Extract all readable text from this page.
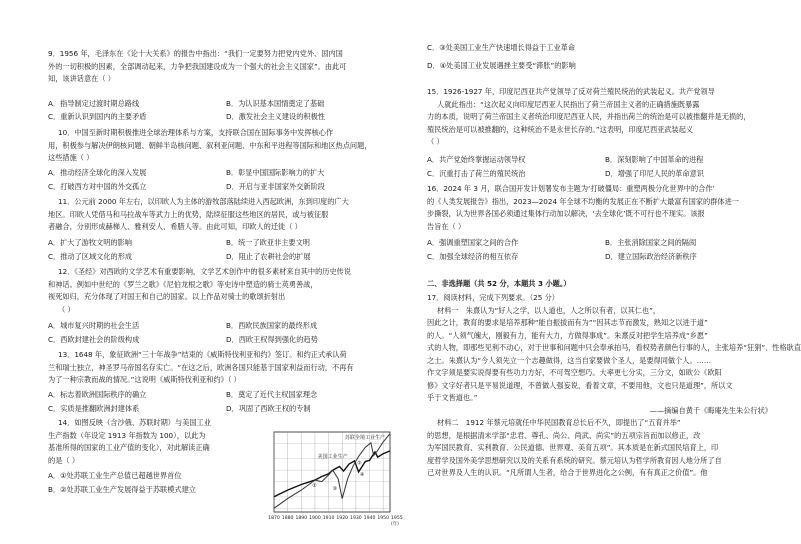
9．1956 年，毛泽东在《论十大关系》的报告中指出：“我们一定要努力把党内党外、国内国

外的一切积极的因素，全部调动起来，力争把我国建设成为一个强大的社会主义国家”。由此可

知，该讲话意在（ ）

A．指导制定过渡时期总路线	B．为认识基本国情奠定了基础
C．重新认识到国内的主要矛盾	D．激发社会主义建设的积极性

10．中国至新时期积极推进全球治理体系与方案，支持联合国在国际事务中发挥核心作

用，积极参与解决伊朗核问题、朝鲜半岛核问题、叙利亚问题、中东和平进程等国际和地区热点问题，

这些措施（ ）

A．推动经济全球化的深入发展	B．彰显中国国际影响力的扩大
C．打破西方对中国的外交孤立	D．开启与亚非国家外交新阶段

11．公元前 2000 年左右，以印欧人为主体的游牧部落陆续进入西起欧洲，东到印度的广大

地区。印欧人凭借马和马拉战车等武力上的优势，陆续征服这些地区的居民，或与被征服

者融合，分别形成赫梯人、雅利安人、希腊人等。由此可知，印欧人的迁徙（ ）

A．扩大了游牧文明的影响	B．统一了欧亚非主要文明
C．推动了区域文化的形成	D．阻止了农耕社会的扩展

12．《圣经》对西欧的文学艺术有重要影响，文学艺术创作中的很多素材来自其中的历史传说

和神话。例如中世纪的《罗兰之歌》《尼伯龙根之歌》等史诗中塑造的骑士英勇善战，

视死如归，充分体现了对国王和自己的国家。以上作品对骑士的歌颂折射出

（ ）

A．城市复兴时期的社会生活	B．西欧民族国家的最终形成
C．西欧封建社会的阶级构成	D．西欧王权得到强化的趋势

13．1648 年，象征欧洲“三十年战争”结束的《威斯特伐利亚和约》签订。和约正式承认荷

兰和瑞士独立，神圣罗马帝国名存实亡。“在这之后，欧洲各国只能基于国家利益而行动，不再有

为了一种宗教而战的情况。”这说明《威斯特伐利亚和约》（ ）

A．标志着欧洲国际秩序的确立	B．奠定了近代主权国家理念
C．实质是推翻欧洲封建体系	D．巩固了西欧王权的专制

14．如图反映（含沙俄、苏联时期）与美国工业

生产指数（年设定 1913 年指数为 100），以此为

基准所得的国家的工业产值的变化），对此解读正确

的是（ ）

A．①处苏联工业生产总值已超越世界首位
B．②处苏联工业生产发展得益于苏联模式建立
1870 1880 1890 1900 1910 1920 1930 1940 1950 1955
(年)
美国工业生产
苏联全境工业生产
①
②
③
④
C．③处美国工业生产快速增长得益于工业革命
D．④处美国工业发展遇挫主要受“滞胀”的影响

15．1926-1927 年，印度尼西亚共产党领导了反对荷兰殖民统治的武装起义。共产党领导

人就此指出：“这次起义向印度尼西亚人民指出了荷兰帝国主义者的正确措施既暴露

力的本质，说明了荷兰帝国主义者统治印度尼西亚人民，并指出荷兰的统治是可以被推翻并是无损的，

殖民统治是可以被推翻的，这种统治不是永世长存的。”这表明，印度尼西亚武装起义

（ ）

A．共产党始终掌握运动领导权	B．深刻影响了中国革命的进程
C．沉重打击了荷兰的殖民统治	D．增强了印尼人民的革命意识

16．2024 年 3 月，联合国开发计划署发布主题为‘打破僵局：重塑两极分化世界中的合作’

的《人类发展报告》指出，2023—2024 年全球不均衡的发展正在不断扩大最富有国家的群体进一

步撕裂，认为世界各国必须通过集体行动加以解决，‘去全球化’既不可行也不现实。该报

告旨在（ ）

A．强调重塑国家之间的合作	B．主张消除国家之间的隔阂
C．加强全球经济的相互依存	D．建立国际政治经济新秩序
二、非选择题（共 52 分，本题共 3 小题。）

17．阅读材料，完成下列要求。（25 分）

材料一　朱熹认为“好人之学，以人道也，人之所以有者，以其仁也”，

因此之计，教育的要求是培养那种“能自振拔而有为”“因其志节而激发，熟知之以进于道”

的人。“人须气魄大，刚毅有力，能有大力，方做得事成”。朱熹反对把学生培养成“乡愿”

式的人物，即那些见利不动心，对于世事和问题中只会奉承拍马，看权势者颜色行事的人，主张培养“狂狷”、性格耿直

之士。朱熹认为“今人须先立一个志趣做得，这当自家要做个圣人，是要得同做个人。……

作文字须是要实说得要有些功力方好，不可驾空想巧。大率更七分实，三分文，如欧公《欧阳

修》文字好者只是平易说道理，不曾做人强妄说，看着文章，不要用他，文也只是道理”，所以文

乎于文皆道也。”

——摘编自黄千《晦庵先生朱公行状》

材料二　1912 年蔡元培就任中华民国教育总长后不久，即提出了“五育并举”

的思想，是根据清末学部“忠君、尊孔、尚公、尚武、尚实”的五项宗旨而加以修正，改

为军国民教育、实利教育、公民道德、世界观、美育五项”。其本质是在新式国民培育上，印

度哲学及国外美学思想研究以及的关系有系统的研究。蔡元培认为哲学所教育因人地分所了自

己对世界及人生的认识。“凡所谓人生者，给合于世界进化之公例，有有真正之价值”。他
